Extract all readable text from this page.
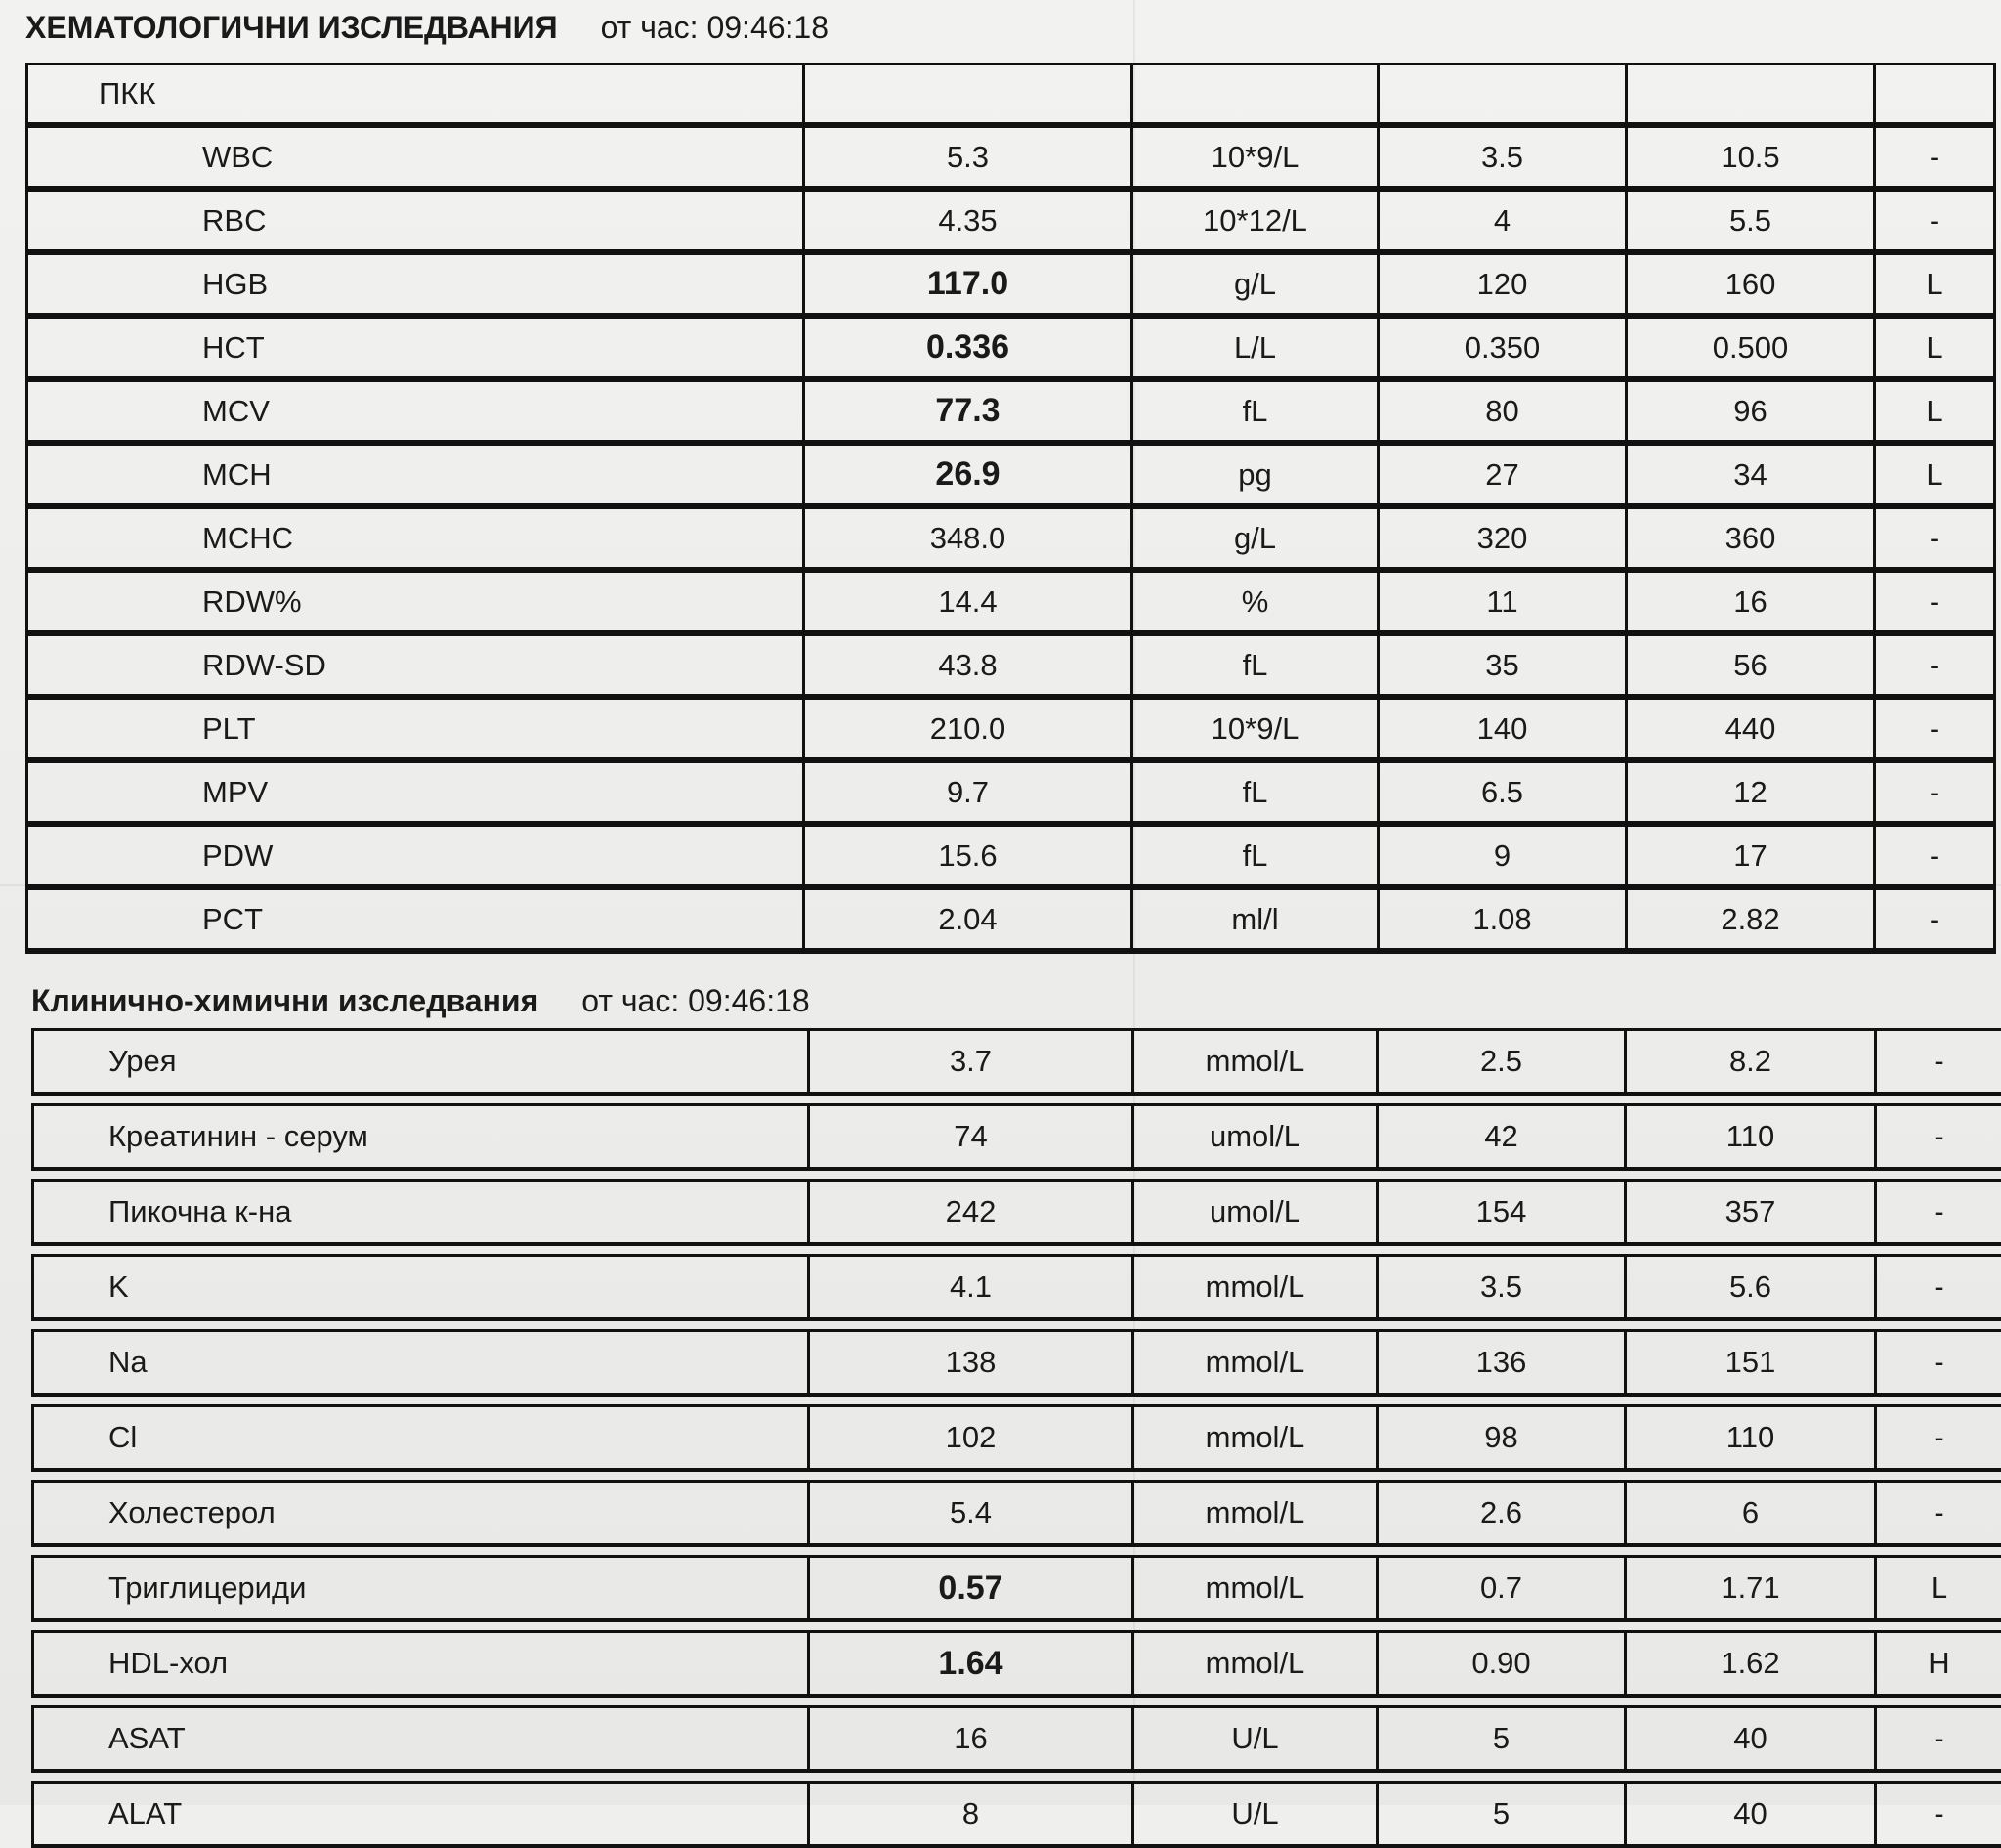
ХЕМАТОЛОГИЧНИ ИЗСЛЕДВАНИЯ от час: 09:46:18
ПКК					
WBC	5.3	10*9/L	3.5	10.5	-
RBC	4.35	10*12/L	4	5.5	-
HGB	117.0	g/L	120	160	L
HCT	0.336	L/L	0.350	0.500	L
MCV	77.3	fL	80	96	L
MCH	26.9	pg	27	34	L
MCHC	348.0	g/L	320	360	-
RDW%	14.4	%	11	16	-
RDW-SD	43.8	fL	35	56	-
PLT	210.0	10*9/L	140	440	-
MPV	9.7	fL	6.5	12	-
PDW	15.6	fL	9	17	-
PCT	2.04	ml/l	1.08	2.82	-
Клинично-химични изследвания от час: 09:46:18
Урея	3.7	mmol/L	2.5	8.2	-

Креатинин - серум	74	umol/L	42	110	-

Пикочна к-на	242	umol/L	154	357	-

K	4.1	mmol/L	3.5	5.6	-

Na	138	mmol/L	136	151	-

Cl	102	mmol/L	98	110	-

Холестерол	5.4	mmol/L	2.6	6	-

Триглицериди	0.57	mmol/L	0.7	1.71	L

HDL-хол	1.64	mmol/L	0.90	1.62	H

ASAT	16	U/L	5	40	-

ALAT	8	U/L	5	40	-
